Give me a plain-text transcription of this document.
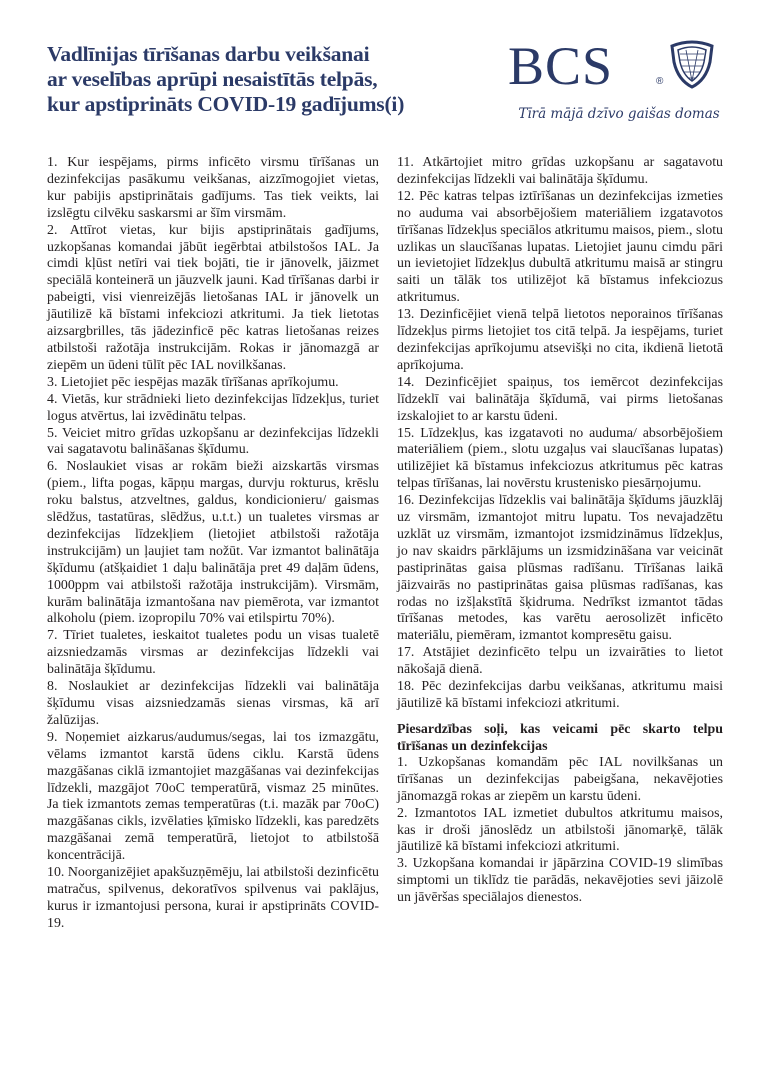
Vadlīnijas tīrīšanas darbu veikšanai
ar veselības aprūpi nesaistītās telpās,
kur apstiprināts COVID-19 gadījums(i)
BCS	®
Tīrā mājā dzīvo gaišas domas

1. Kur iespējams, pirms inficēto virsmu tīrīšanas un dezinfekcijas pasākumu veikšanas, aizzīmogojiet vietas, kur pabijis apstiprinātais gadījums. Tas tiek veikts, lai izslēgtu cilvēku saskarsmi ar šīm virsmām.

2. Attīrot vietas, kur bijis apstiprinātais gadījums, uzkopšanas komandai jābūt iegērbtai atbilstošos IAL. Ja cimdi kļūst netīri vai tiek bojāti, tie ir jānovelk, jāizmet speciālā konteinerā un jāuzvelk jauni. Kad tīrīšanas darbi ir pabeigti, visi vienreizējās lietošanas IAL ir jānovelk un jāutilizē kā bīstami infekciozi atkritumi. Ja tiek lietotas aizsargbrilles, tās jādezinficē pēc katras lietošanas reizes atbilstoši ražotāja instrukcijām. Rokas ir jānomazgā ar ziepēm un ūdeni tūlīt pēc IAL novilkšanas.

3. Lietojiet pēc iespējas mazāk tīrīšanas aprīkojumu.

4. Vietās, kur strādnieki lieto dezinfekcijas līdzekļus, turiet logus atvērtus, lai izvēdinātu telpas.

5. Veiciet mitro grīdas uzkopšanu ar dezinfekcijas līdzekli vai sagatavotu balināšanas šķīdumu.

6. Noslaukiet visas ar rokām bieži aizskartās virsmas (piem., lifta pogas, kāpņu margas, durvju rokturus, krēslu roku balstus, atzveltnes, galdus, kondicionieru/ gaismas slēdžus, tastatūras, slēdžus, u.t.t.) un tualetes virsmas ar dezinfekcijas līdzekļiem (lietojiet atbilstoši ražotāja instrukcijām) un ļaujiet tam nožūt. Var izmantot balinātāja šķīdumu (atšķaidiet 1 daļu balinātāja pret 49 daļām ūdens, 1000ppm vai atbilstoši ražotāja instrukcijām). Virsmām, kurām balinātāja izmantošana nav piemērota, var izmantot alkoholu (piem. izopropilu 70% vai etilspirtu 70%).

7. Tīriet tualetes, ieskaitot tualetes podu un visas tualetē aizsniedzamās virsmas ar dezinfekcijas līdzekli vai balinātāja šķīdumu.

8. Noslaukiet ar dezinfekcijas līdzekli vai balinātāja šķīdumu visas aizsniedzamās sienas virsmas, kā arī žalūzijas.

9. Noņemiet aizkarus/audumus/segas, lai tos izmazgātu, vēlams izmantot karstā ūdens ciklu. Karstā ūdens mazgāšanas ciklā izmantojiet mazgāšanas vai dezinfekcijas līdzekli, mazgājot 70oC temperatūrā, vismaz 25 minūtes. Ja tiek izmantots zemas temperatūras (t.i. mazāk par 70oC) mazgāšanas cikls, izvēlaties ķīmisko līdzekli, kas paredzēts mazgāšanai zemā temperatūrā, lietojot to atbilstošā koncentrācijā.

10. Noorganizējiet apakšuzņēmēju, lai atbilstoši dezinficētu matračus, spilvenus, dekoratīvos spilvenus vai paklājus, kurus ir izmantojusi persona, kurai ir apstiprināts COVID-19.

11. Atkārtojiet mitro grīdas uzkopšanu ar sagatavotu dezinfekcijas līdzekli vai balinātāja šķīdumu.

12. Pēc katras telpas iztīrīšanas un dezinfekcijas izmeties no auduma vai absorbējošiem materiāliem izgatavotos tīrīšanas līdzekļus speciālos atkritumu maisos, piem., slotu uzlikas un slaucīšanas lupatas. Lietojiet jaunu cimdu pāri un ievietojiet līdzekļus dubultā atkritumu maisā ar stingru saiti un tālāk tos utilizējot kā bīstamus infekciozus atkritumus.

13. Dezinficējiet vienā telpā lietotos neporainos tīrīšanas līdzekļus pirms lietojiet tos citā telpā. Ja iespējams, turiet dezinfekcijas aprīkojumu atsevišķi no cita, ikdienā lietotā aprīkojuma.

14. Dezinficējiet spaiņus, tos iemērcot dezinfekcijas līdzeklī vai balinātāja šķīdumā, vai pirms lietošanas izskalojiet to ar karstu ūdeni.

15. Līdzekļus, kas izgatavoti no auduma/ absorbējošiem materiāliem (piem., slotu uzgaļus vai slaucīšanas lupatas) utilizējiet kā bīstamus infekciozus atkritumus pēc katras telpas tīrīšanas, lai novērstu krustenisko piesārņojumu.

16. Dezinfekcijas līdzeklis vai balinātāja šķīdums jāuzklāj uz virsmām, izmantojot mitru lupatu. Tos nevajadzētu uzklāt uz virsmām, izmantojot izsmidzināmus līdzekļus, jo nav skaidrs pārklājums un izsmidzināšana var veicināt pastiprinātas gaisa plūsmas radīšanu. Tīrīšanas laikā jāizvairās no pastiprinātas gaisa plūsmas radīšanas, kas rodas no izšļakstītā šķidruma. Nedrīkst izmantot tādas tīrīšanas metodes, kas varētu aerosolizēt inficēto materiālu, piemēram, izmantot kompresētu gaisu.

17. Atstājiet dezinficēto telpu un izvairāties to lietot nākošajā dienā.

18. Pēc dezinfekcijas darbu veikšanas, atkritumu maisi jāutilizē kā bīstami infekciozi atkritumi.

Piesardzības soļi, kas veicami pēc skarto telpu tīrīšanas un dezinfekcijas

1. Uzkopšanas komandām pēc IAL novilkšanas un tīrīšanas un dezinfekcijas pabeigšana, nekavējoties jānomazgā rokas ar ziepēm un karstu ūdeni.

2. Izmantotos IAL izmetiet dubultos atkritumu maisos, kas ir droši jānoslēdz un atbilstoši jānomarķē, tālāk jāutilizē kā bīstami infekciozi atkritumi.

3. Uzkopšana komandai ir jāpārzina COVID-19 slimības simptomi un tiklīdz tie parādās, nekavējoties sevi jāizolē un jāvēršas speciālajos dienestos.
